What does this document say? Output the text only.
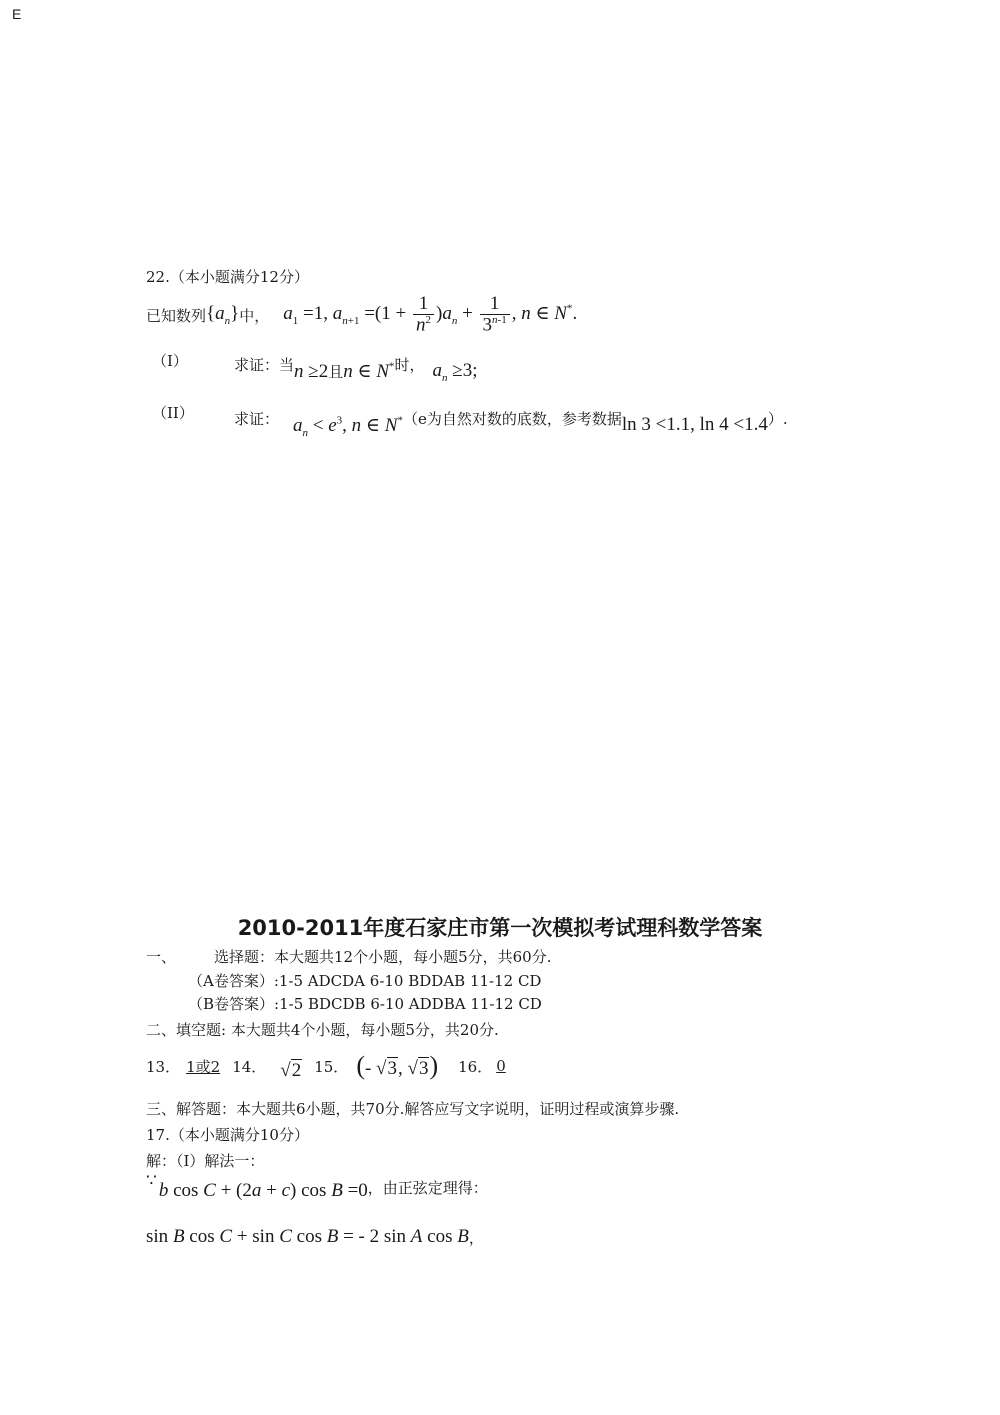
E
22.（本小题满分12分）
已知数列 $\{a_n\}$ 中， $a_1 =1$, $a_{n+1} =(1 + \frac{1}{n^2} )a_n + \frac{1}{3^{n-1}}$ , n ∈ N*.
（I）	求证： 当 n ≥2 且 n ∈ N* 时， $a_n \ge 3$;
（II）	求证： $a_n < e^3$, n ∈ N* （e为自然对数的底数，参考数据 ln 3 <1.1, ln 4 <1.4 ）.
2010-2011年度石家庄市第一次模拟考试理科数学答案
一、	选择题：本大题共12个小题，每小题5分，共60分.
（A卷答案）:1-5 ADCDA 6-10 BDDAB 11-12 CD
（B卷答案）:1-5 BDCDB 6-10 ADDBA 11-12 CD
二、填空题: 本大题共4个小题，每小题5分，共20分.
13． 1或2 14． √2 15． (- √3, √3) 16． 0
三、解答题：本大题共6小题，共70分.解答应写文字说明，证明过程或演算步骤.
17.（本小题满分10分）
解：（I）解法一：
∵ b cos C + (2a + c) cos B =0 ，由正弦定理得：
sin B cos C + sin C cos B = - 2 sin A cos B ，
